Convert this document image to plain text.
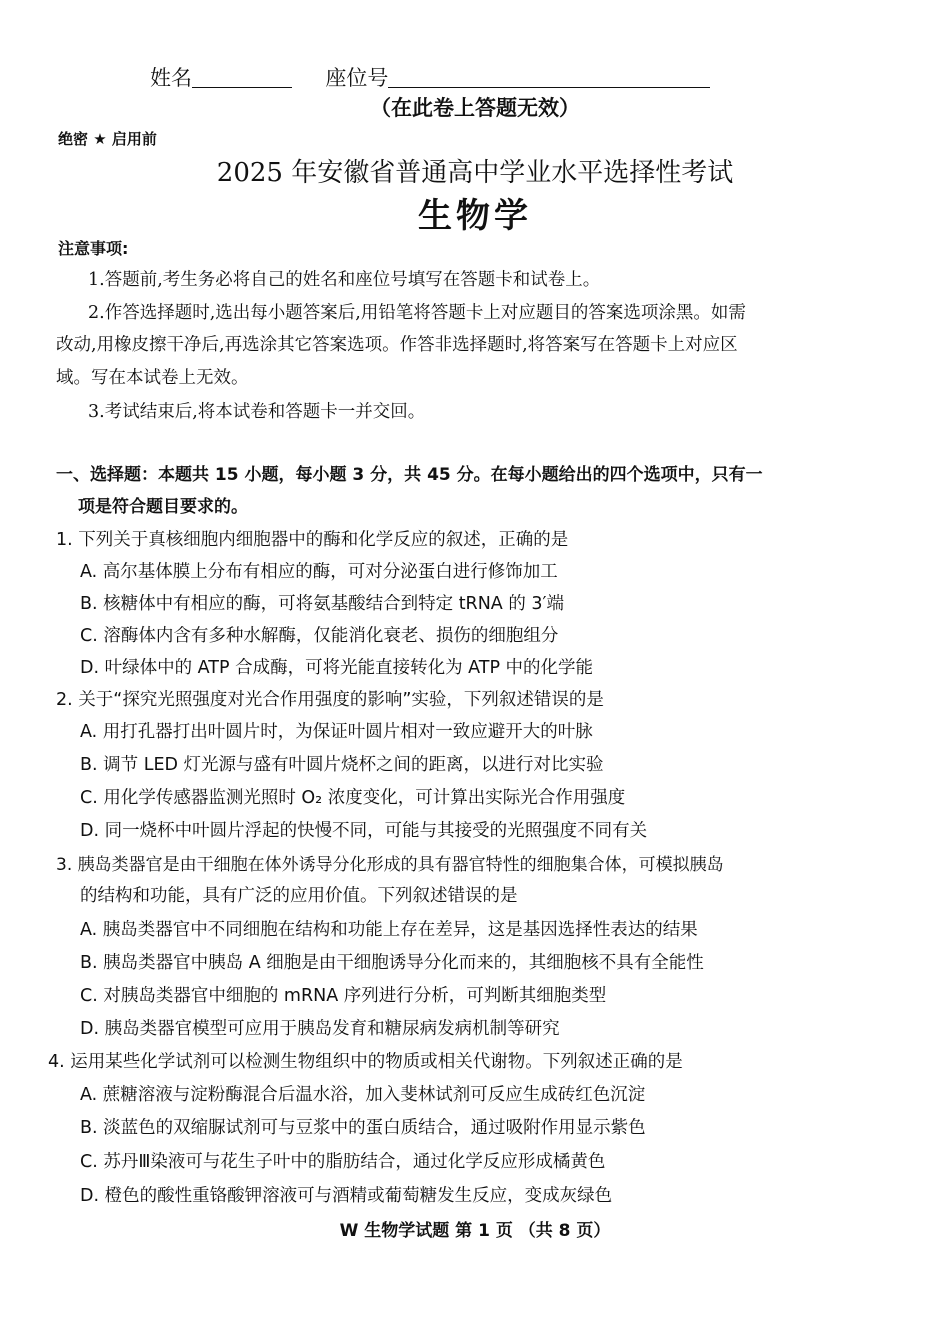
姓名	座位号
（在此卷上答题无效）
绝密 ★ 启用前
2025 年安徽省普通高中学业水平选择性考试
生物学
注意事项:
1.答题前,考生务必将自己的姓名和座位号填写在答题卡和试卷上。
2.作答选择题时,选出每小题答案后,用铅笔将答题卡上对应题目的答案选项涂黑。如需
改动,用橡皮擦干净后,再选涂其它答案选项。作答非选择题时,将答案写在答题卡上对应区
域。写在本试卷上无效。
3.考试结束后,将本试卷和答题卡一并交回。
一、选择题：本题共 15 小题，每小题 3 分，共 45 分。在每小题给出的四个选项中，只有一
项是符合题目要求的。
1. 下列关于真核细胞内细胞器中的酶和化学反应的叙述，正确的是
A. 高尔基体膜上分布有相应的酶，可对分泌蛋白进行修饰加工
B. 核糖体中有相应的酶，可将氨基酸结合到特定 tRNA 的 3′端
C. 溶酶体内含有多种水解酶，仅能消化衰老、损伤的细胞组分
D. 叶绿体中的 ATP 合成酶，可将光能直接转化为 ATP 中的化学能
2. 关于“探究光照强度对光合作用强度的影响”实验，下列叙述错误的是
A. 用打孔器打出叶圆片时，为保证叶圆片相对一致应避开大的叶脉
B. 调节 LED 灯光源与盛有叶圆片烧杯之间的距离，以进行对比实验
C. 用化学传感器监测光照时 O₂ 浓度变化，可计算出实际光合作用强度
D. 同一烧杯中叶圆片浮起的快慢不同，可能与其接受的光照强度不同有关
3. 胰岛类器官是由干细胞在体外诱导分化形成的具有器官特性的细胞集合体，可模拟胰岛
的结构和功能，具有广泛的应用价值。下列叙述错误的是
A. 胰岛类器官中不同细胞在结构和功能上存在差异，这是基因选择性表达的结果
B. 胰岛类器官中胰岛 A 细胞是由干细胞诱导分化而来的，其细胞核不具有全能性
C. 对胰岛类器官中细胞的 mRNA 序列进行分析，可判断其细胞类型
D. 胰岛类器官模型可应用于胰岛发育和糖尿病发病机制等研究
4. 运用某些化学试剂可以检测生物组织中的物质或相关代谢物。下列叙述正确的是
A. 蔗糖溶液与淀粉酶混合后温水浴，加入斐林试剂可反应生成砖红色沉淀
B. 淡蓝色的双缩脲试剂可与豆浆中的蛋白质结合，通过吸附作用显示紫色
C. 苏丹Ⅲ染液可与花生子叶中的脂肪结合，通过化学反应形成橘黄色
D. 橙色的酸性重铬酸钾溶液可与酒精或葡萄糖发生反应，变成灰绿色
W 生物学试题 第 1 页 （共 8 页）
